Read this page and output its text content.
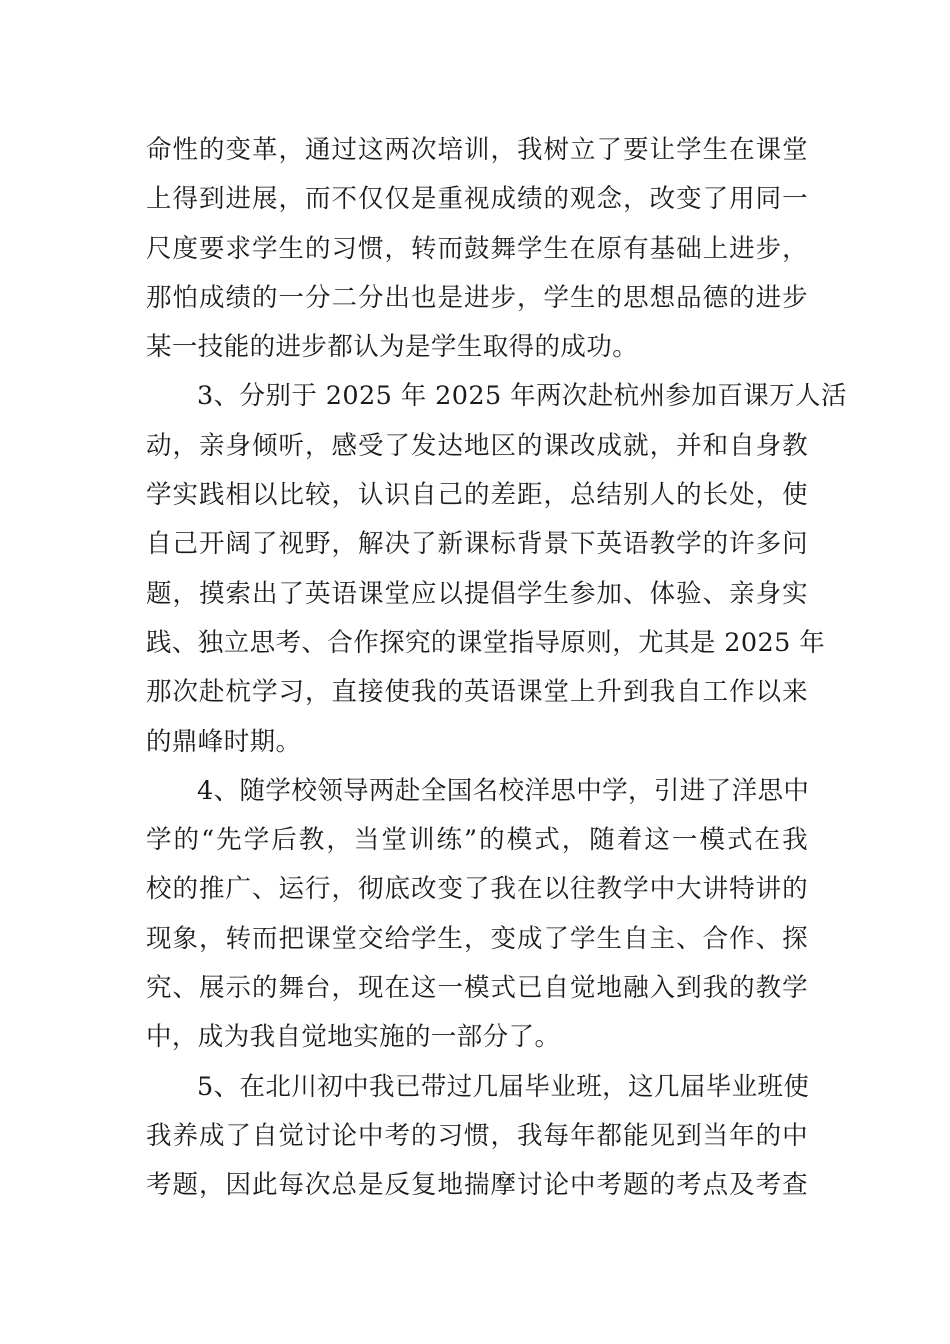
命性的变革，通过这两次培训，我树立了要让学生在课堂
上得到进展，而不仅仅是重视成绩的观念，改变了用同一
尺度要求学生的习惯，转而鼓舞学生在原有基础上进步，
那怕成绩的一分二分出也是进步，学生的思想品德的进步
某一技能的进步都认为是学生取得的成功。
3、分别于 2025 年 2025 年两次赴杭州参加百课万人活
动，亲身倾听，感受了发达地区的课改成就，并和自身教
学实践相以比较，认识自己的差距，总结别人的长处，使
自己开阔了视野，解决了新课标背景下英语教学的许多问
题，摸索出了英语课堂应以提倡学生参加、体验、亲身实
践、独立思考、合作探究的课堂指导原则，尤其是 2025 年
那次赴杭学习，直接使我的英语课堂上升到我自工作以来
的鼎峰时期。
4、随学校领导两赴全国名校洋思中学，引进了洋思中
学的“先学后教，当堂训练”的模式，随着这一模式在我
校的推广、运行，彻底改变了我在以往教学中大讲特讲的
现象，转而把课堂交给学生，变成了学生自主、合作、探
究、展示的舞台，现在这一模式已自觉地融入到我的教学
中，成为我自觉地实施的一部分了。
5、在北川初中我已带过几届毕业班，这几届毕业班使
我养成了自觉讨论中考的习惯，我每年都能见到当年的中
考题，因此每次总是反复地揣摩讨论中考题的考点及考查
